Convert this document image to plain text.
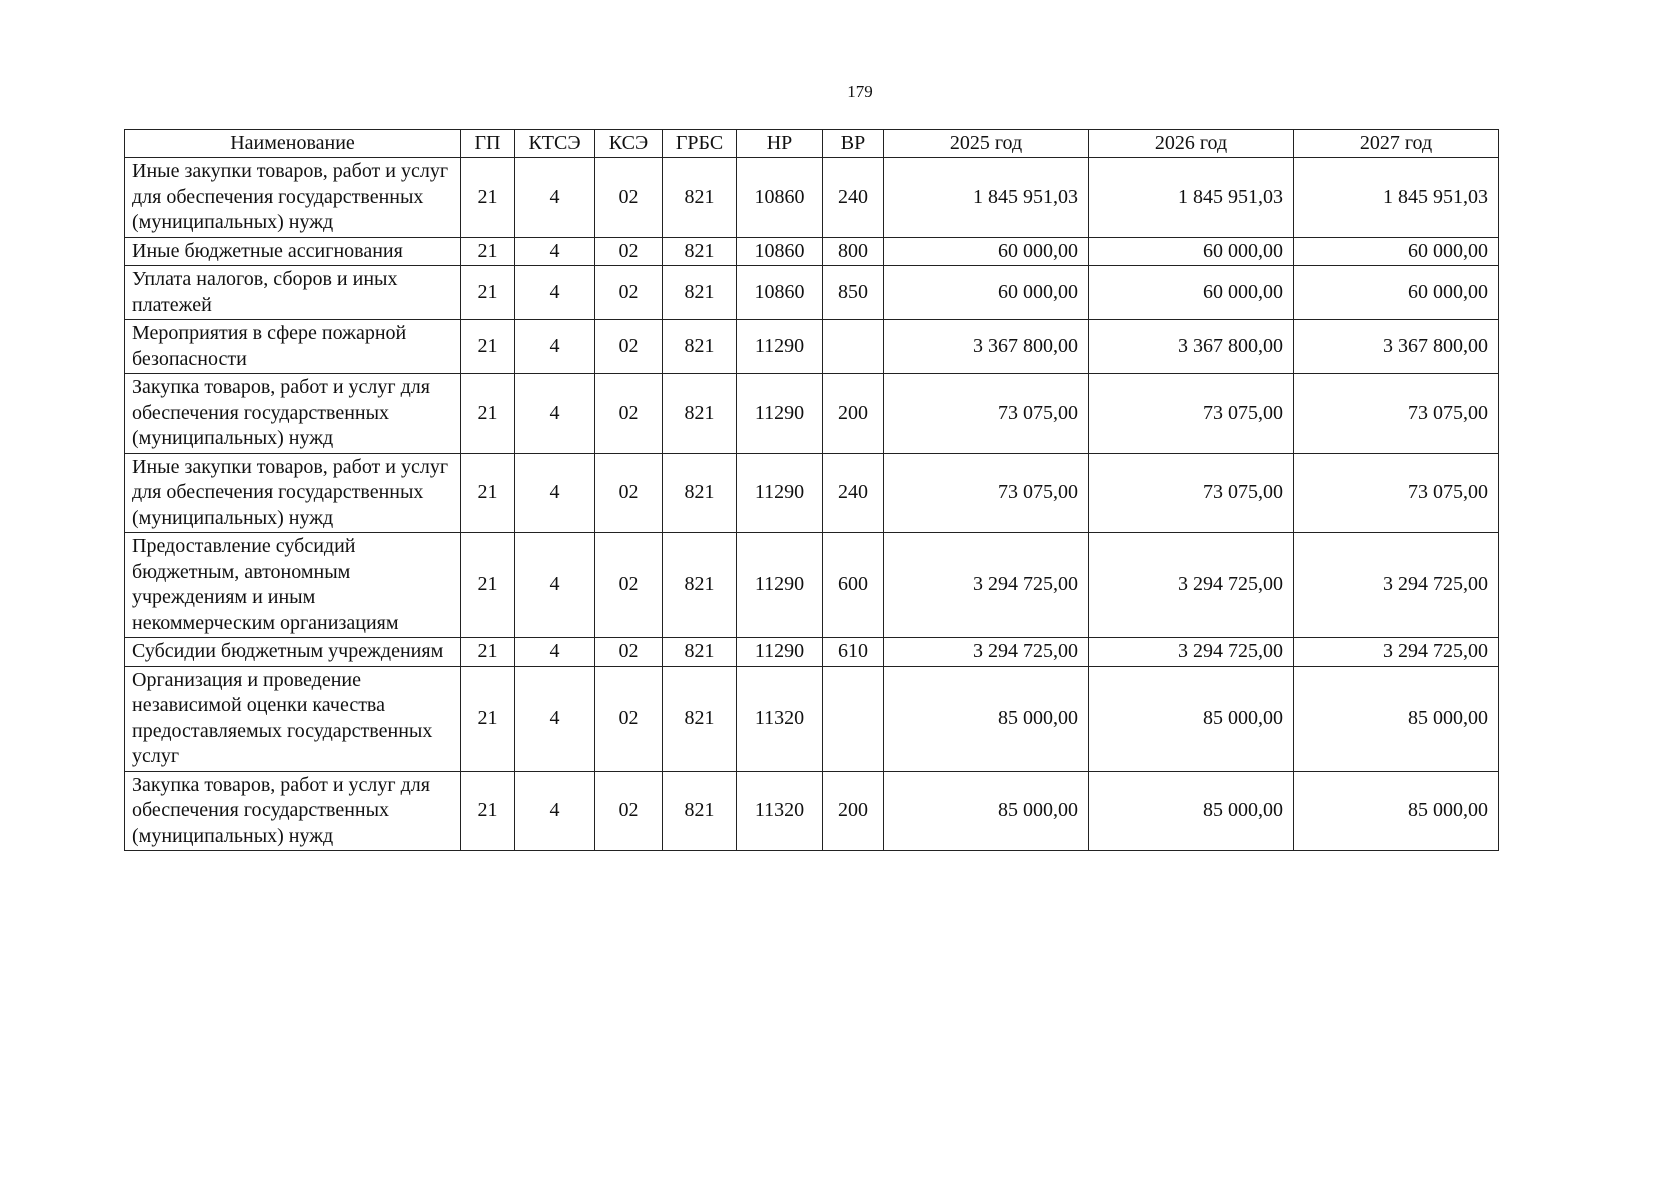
179
Наименование	ГП	КТСЭ	КСЭ	ГРБС	НР	ВР	2025 год	2026 год	2027 год
Иные закупки товаров, работ и услуг для обеспечения государственных (муниципальных) нужд	21	4	02	821	10860	240	1 845 951,03	1 845 951,03	1 845 951,03
Иные бюджетные ассигнования	21	4	02	821	10860	800	60 000,00	60 000,00	60 000,00
Уплата налогов, сборов и иных платежей	21	4	02	821	10860	850	60 000,00	60 000,00	60 000,00
Мероприятия в сфере пожарной безопасности	21	4	02	821	11290		3 367 800,00	3 367 800,00	3 367 800,00
Закупка товаров, работ и услуг для обеспечения государственных (муниципальных) нужд	21	4	02	821	11290	200	73 075,00	73 075,00	73 075,00
Иные закупки товаров, работ и услуг для обеспечения государственных (муниципальных) нужд	21	4	02	821	11290	240	73 075,00	73 075,00	73 075,00
Предоставление субсидий бюджетным, автономным учреждениям и иным некоммерческим организациям	21	4	02	821	11290	600	3 294 725,00	3 294 725,00	3 294 725,00
Субсидии бюджетным учреждениям	21	4	02	821	11290	610	3 294 725,00	3 294 725,00	3 294 725,00
Организация и проведение независимой оценки качества предоставляемых государственных услуг	21	4	02	821	11320		85 000,00	85 000,00	85 000,00
Закупка товаров, работ и услуг для обеспечения государственных (муниципальных) нужд	21	4	02	821	11320	200	85 000,00	85 000,00	85 000,00
